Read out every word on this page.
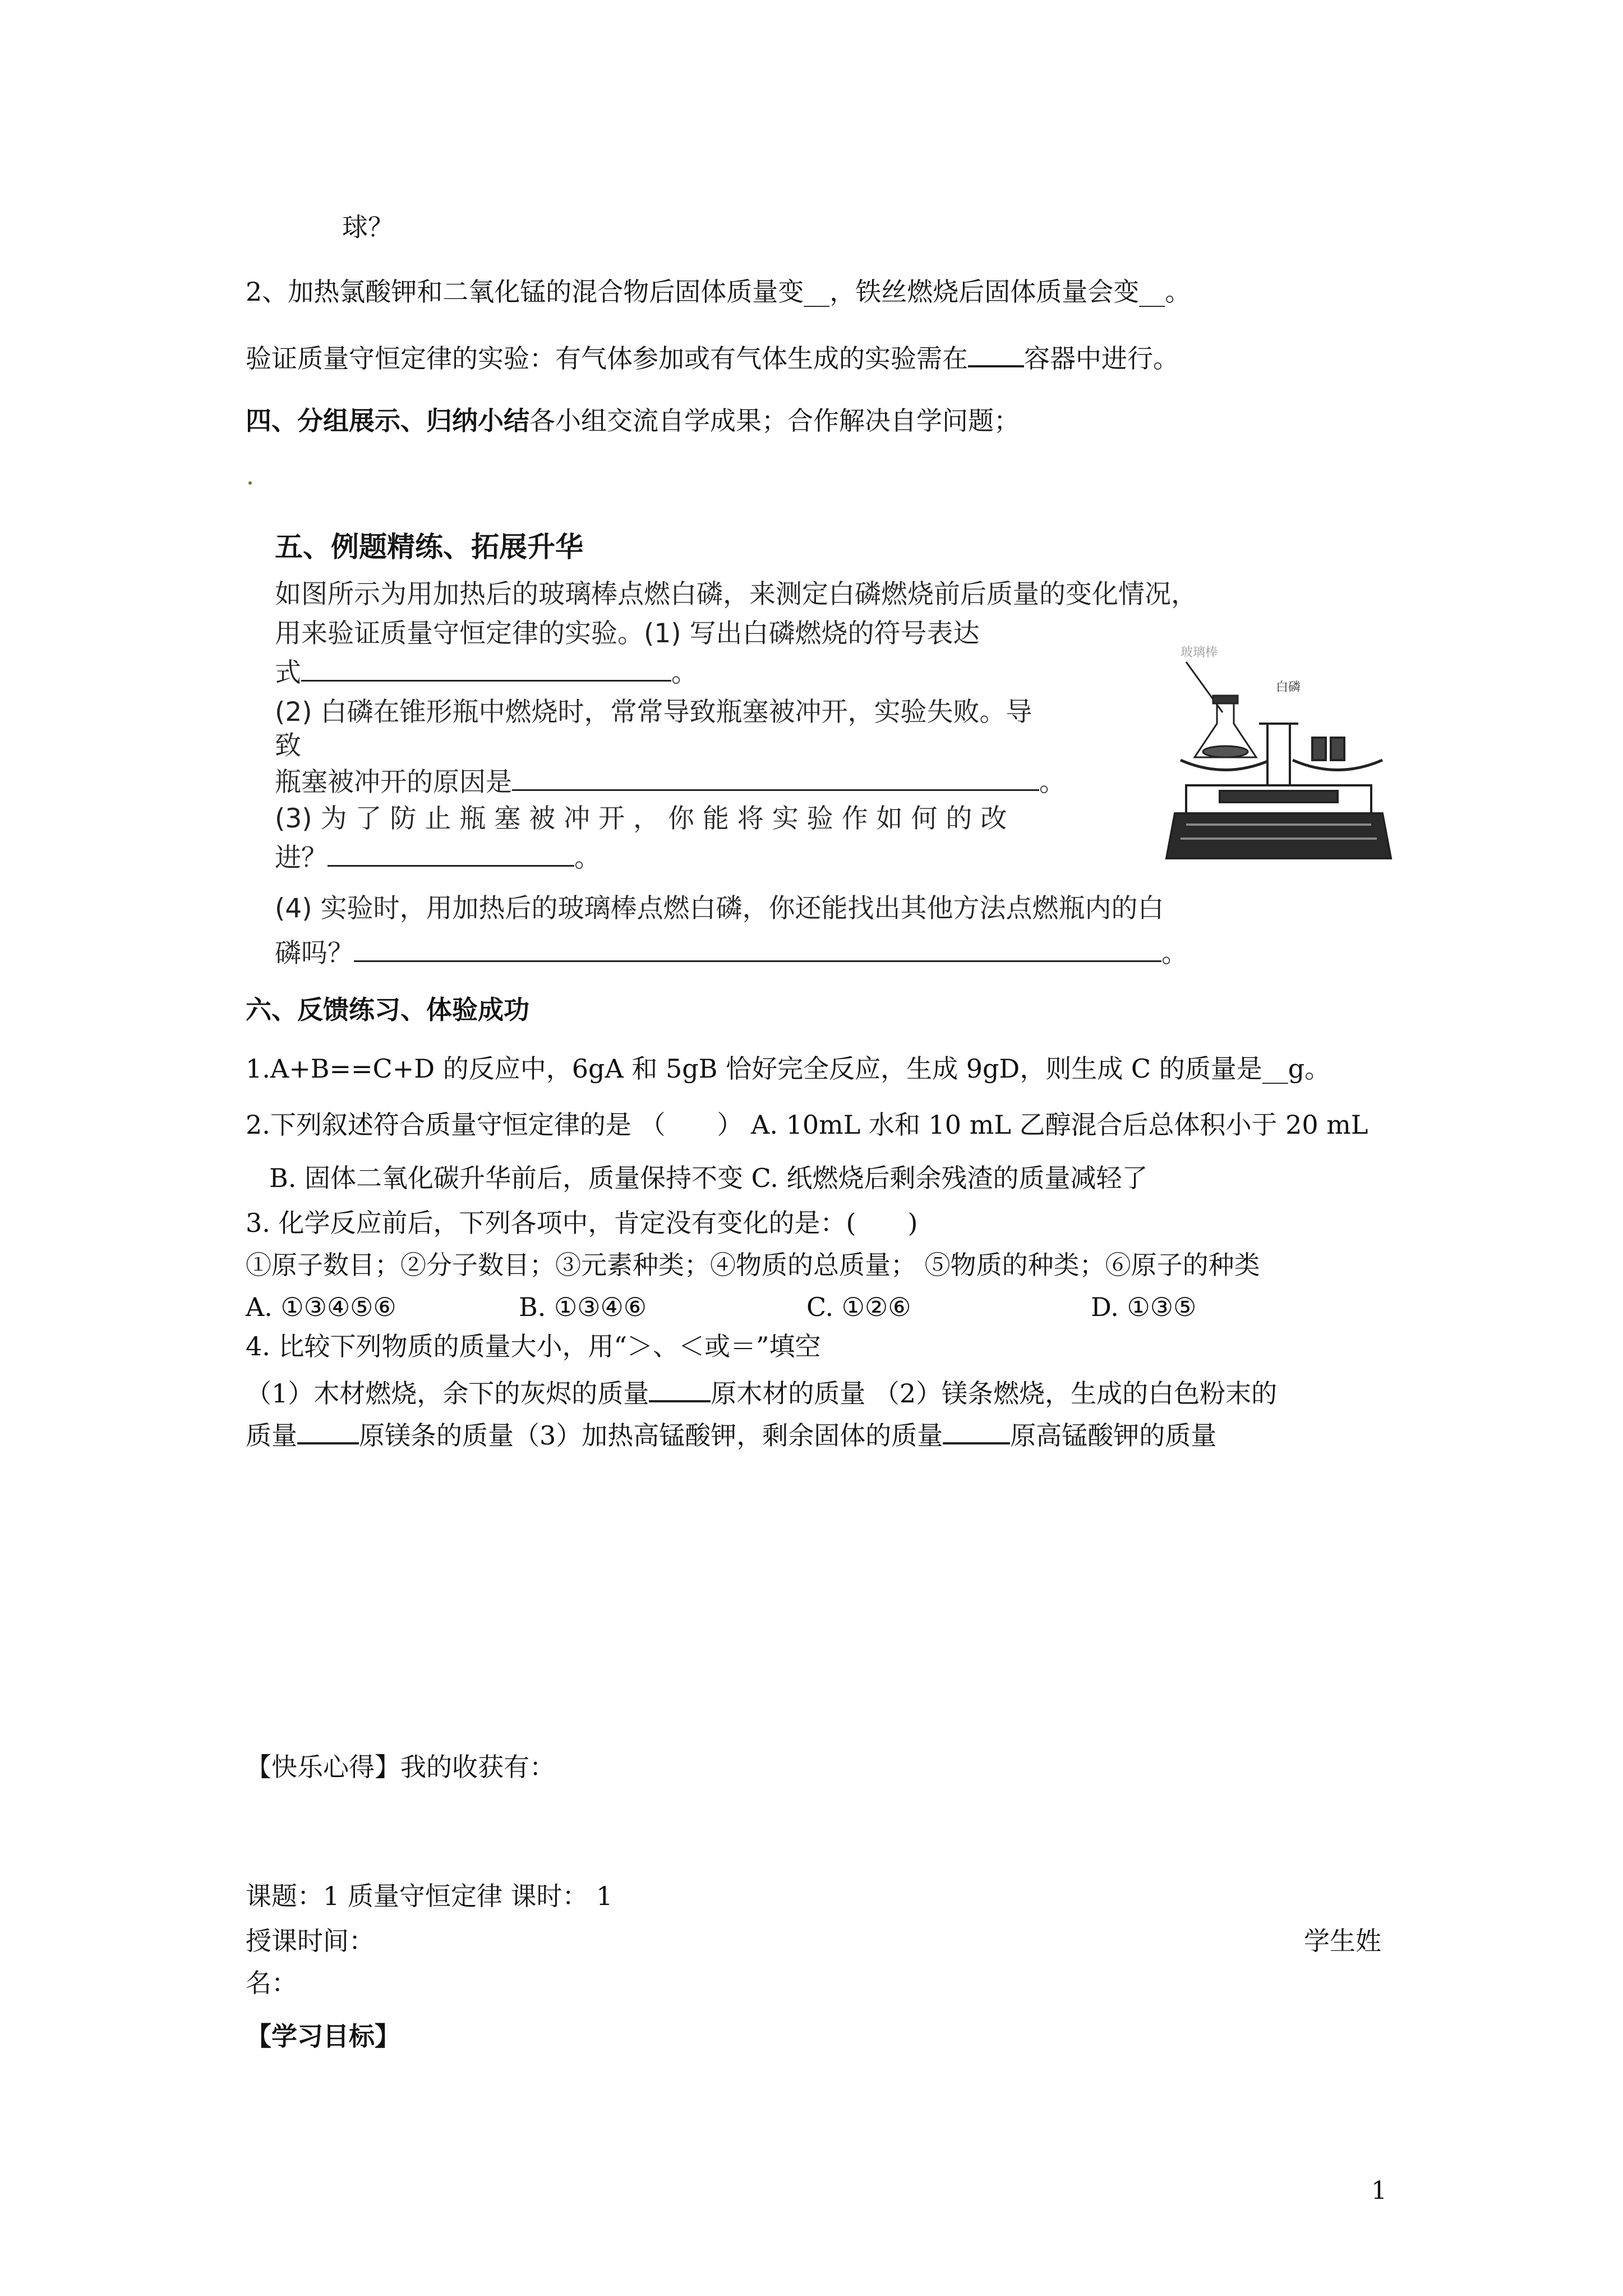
球？
2、加热氯酸钾和二氧化锰的混合物后固体质量变__，铁丝燃烧后固体质量会变__。
验证质量守恒定律的实验：有气体参加或有气体生成的实验需在 容器中进行。
四、分组展示、归纳小结各小组交流自学成果；合作解决自学问题；
五、例题精练、拓展升华
如图所示为用加热后的玻璃棒点燃白磷，来测定白磷燃烧前后质量的变化情况，
用来验证质量守恒定律的实验。(1) 写出白磷燃烧的符号表达
式	。
(2) 白磷在锥形瓶中燃烧时，常常导致瓶塞被冲开，实验失败。导
致
瓶塞被冲开的原因是	。
(3) 为 了 防 止 瓶 塞 被 冲 开 ， 你 能 将 实 验 作 如 何 的 改
进？	。
(4) 实验时，用加热后的玻璃棒点燃白磷，你还能找出其他方法点燃瓶内的白
磷吗？	。
玻璃棒
白磷
六、反馈练习、体验成功
1.A+B==C+D 的反应中，6gA 和 5gB 恰好完全反应，生成 9gD，则生成 C 的质量是__g。
2.下列叙述符合质量守恒定律的是 （　　） A. 10mL 水和 10 mL 乙醇混合后总体积小于 20 mL
B. 固体二氧化碳升华前后，质量保持不变 C. 纸燃烧后剩余残渣的质量减轻了
3. 化学反应前后，下列各项中，肯定没有变化的是：(　　)
①原子数目；②分子数目；③元素种类；④物质的总质量； ⑤物质的种类；⑥原子的种类
A. ①③④⑤⑥	B. ①③④⑥	C. ①②⑥	D. ①③⑤
4. 比较下列物质的质量大小，用“＞、＜或＝”填空
（1）木材燃烧，余下的灰烬的质量 原木材的质量 （2）镁条燃烧，生成的白色粉末的
质量 原镁条的质量（3）加热高锰酸钾，剩余固体的质量	原高锰酸钾的质量
【快乐心得】我的收获有：
课题：1 质量守恒定律 课时： 1
授课时间：	学生姓
名：
【学习目标】
1
